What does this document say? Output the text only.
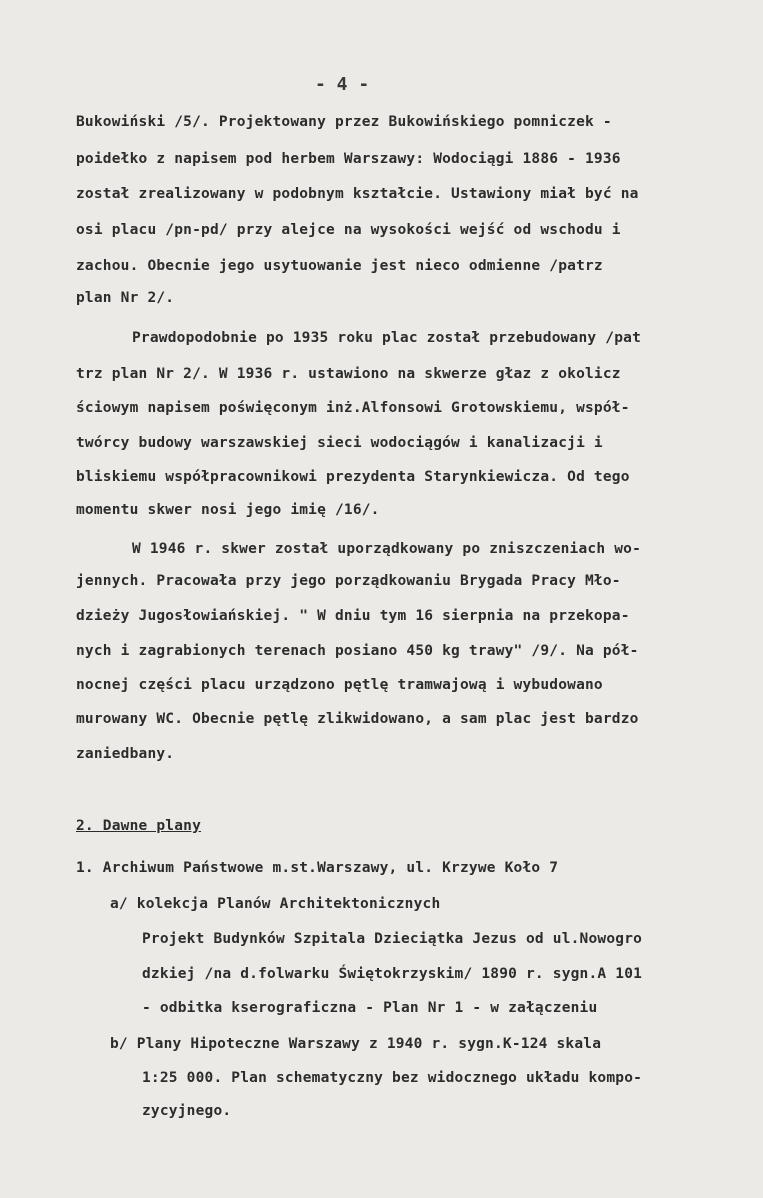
- 4 -
Bukowiński /5/. Projektowany przez Bukowińskiego pomniczek -
poidełko z napisem pod herbem Warszawy: Wodociągi 1886 - 1936
został zrealizowany w podobnym kształcie. Ustawiony miał być na
osi placu /pn-pd/ przy alejce na wysokości wejść od wschodu i
zachou. Obecnie jego usytuowanie jest nieco odmienne /patrz
plan Nr 2/.
Prawdopodobnie po 1935 roku plac został przebudowany /pat
trz plan Nr 2/. W 1936 r. ustawiono na skwerze głaz z okolicz
ściowym napisem poświęconym inż.Alfonsowi Grotowskiemu, współ-
twórcy budowy warszawskiej sieci wodociągów i kanalizacji i
bliskiemu współpracownikowi prezydenta Starynkiewicza. Od tego
momentu skwer nosi jego imię /16/.
W 1946 r. skwer został uporządkowany po zniszczeniach wo-
jennych. Pracowała przy jego porządkowaniu Brygada Pracy Mło-
dzieży Jugosłowiańskiej. " W dniu tym 16 sierpnia na przekopa-
nych i zagrabionych terenach posiano 450 kg trawy" /9/. Na pół-
nocnej części placu urządzono pętlę tramwajową i wybudowano
murowany WC. Obecnie pętlę zlikwidowano, a sam plac jest bardzo
zaniedbany.
2. Dawne plany
1. Archiwum Państwowe m.st.Warszawy, ul. Krzywe Koło 7
a/ kolekcja Planów Architektonicznych
Projekt Budynków Szpitala Dzieciątka Jezus od ul.Nowogro
dzkiej /na d.folwarku Świętokrzyskim/ 1890 r. sygn.A 101
- odbitka kserograficzna - Plan Nr 1 - w załączeniu
b/ Plany Hipoteczne Warszawy z 1940 r. sygn.K-124 skala
1:25 000. Plan schematyczny bez widocznego układu kompo-
zycyjnego.
